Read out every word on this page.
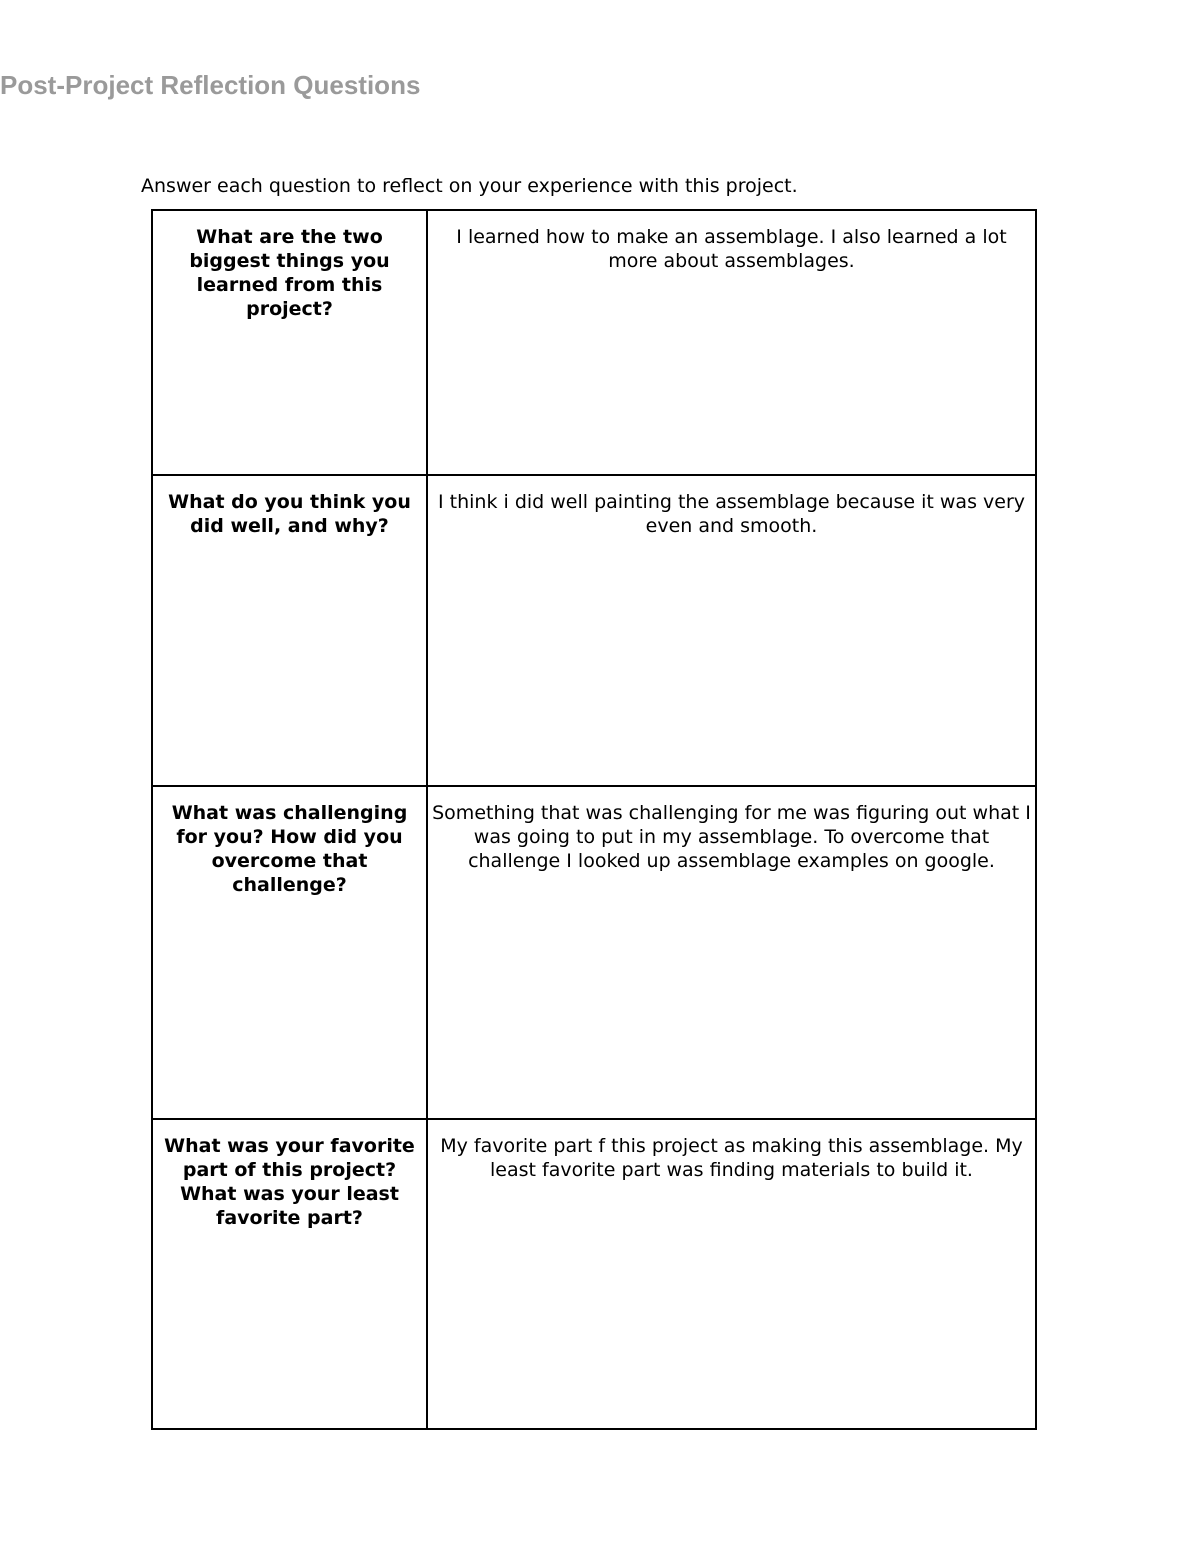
Post-Project Reflection Questions
Answer each question to reflect on your experience with this project.
What are the two biggest things you learned from this project?	I learned how to make an assemblage. I also learned a lot more about assemblages.
What do you think you did well, and why?	I think i did well painting the assemblage because it was very even and smooth.
What was challenging for you? How did you overcome that challenge?	Something that was challenging for me was figuring out what I was going to put in my assemblage. To overcome that challenge I looked up assemblage examples on google.
What was your favorite part of this project? What was your least favorite part?	My favorite part f this project as making this assemblage. My least favorite part was finding materials to build it.
